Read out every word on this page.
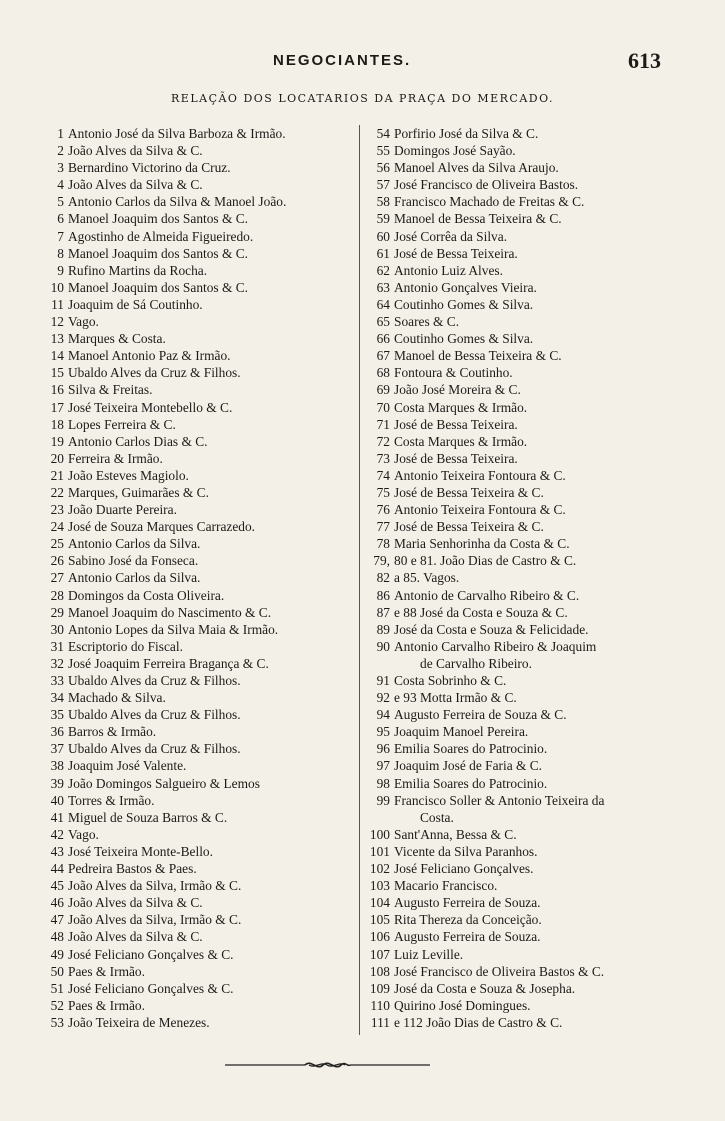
NEGOCIANTES.	613
RELAÇÃO DOS LOCATARIOS DA PRAÇA DO MERCADO.
1 Antonio José da Silva Barboza & Irmão.
2 João Alves da Silva & C.
3 Bernardino Victorino da Cruz.
4 João Alves da Silva & C.
5 Antonio Carlos da Silva & Manoel João.
6 Manoel Joaquim dos Santos & C.
7 Agostinho de Almeida Figueiredo.
8 Manoel Joaquim dos Santos & C.
9 Rufino Martins da Rocha.
10 Manoel Joaquim dos Santos & C.
11 Joaquim de Sá Coutinho.
12 Vago.
13 Marques & Costa.
14 Manoel Antonio Paz & Irmão.
15 Ubaldo Alves da Cruz & Filhos.
16 Silva & Freitas.
17 José Teixeira Montebello & C.
18 Lopes Ferreira & C.
19 Antonio Carlos Dias & C.
20 Ferreira & Irmão.
21 João Esteves Magiolo.
22 Marques, Guimarães & C.
23 João Duarte Pereira.
24 José de Souza Marques Carrazedo.
25 Antonio Carlos da Silva.
26 Sabino José da Fonseca.
27 Antonio Carlos da Silva.
28 Domingos da Costa Oliveira.
29 Manoel Joaquim do Nascimento & C.
30 Antonio Lopes da Silva Maia & Irmão.
31 Escriptorio do Fiscal.
32 José Joaquim Ferreira Bragança & C.
33 Ubaldo Alves da Cruz & Filhos.
34 Machado & Silva.
35 Ubaldo Alves da Cruz & Filhos.
36 Barros & Irmão.
37 Ubaldo Alves da Cruz & Filhos.
38 Joaquim José Valente.
39 João Domingos Salgueiro & Lemos
40 Torres & Irmão.
41 Miguel de Souza Barros & C.
42 Vago.
43 José Teixeira Monte-Bello.
44 Pedreira Bastos & Paes.
45 João Alves da Silva, Irmão & C.
46 João Alves da Silva & C.
47 João Alves da Silva, Irmão & C.
48 João Alves da Silva & C.
49 José Feliciano Gonçalves & C.
50 Paes & Irmão.
51 José Feliciano Gonçalves & C.
52 Paes & Irmão.
53 João Teixeira de Menezes.
54 Porfirio José da Silva & C.
55 Domingos José Sayão.
56 Manoel Alves da Silva Araujo.
57 José Francisco de Oliveira Bastos.
58 Francisco Machado de Freitas & C.
59 Manoel de Bessa Teixeira & C.
60 José Corrêa da Silva.
61 José de Bessa Teixeira.
62 Antonio Luiz Alves.
63 Antonio Gonçalves Vieira.
64 Coutinho Gomes & Silva.
65 Soares & C.
66 Coutinho Gomes & Silva.
67 Manoel de Bessa Teixeira & C.
68 Fontoura & Coutinho.
69 João José Moreira & C.
70 Costa Marques & Irmão.
71 José de Bessa Teixeira.
72 Costa Marques & Irmão.
73 José de Bessa Teixeira.
74 Antonio Teixeira Fontoura & C.
75 José de Bessa Teixeira & C.
76 Antonio Teixeira Fontoura & C.
77 José de Bessa Teixeira & C.
78 Maria Senhorinha da Costa & C.
79, 80 e 81. João Dias de Castro & C.
82 a 85. Vagos.
86 Antonio de Carvalho Ribeiro & C.
87 e 88 José da Costa e Souza & C.
89 José da Costa e Souza & Felicidade.
90 Antonio Carvalho Ribeiro & Joaquim
de Carvalho Ribeiro.
91 Costa Sobrinho & C.
92 e 93 Motta Irmão & C.
94 Augusto Ferreira de Souza & C.
95 Joaquim Manoel Pereira.
96 Emilia Soares do Patrocinio.
97 Joaquim José de Faria & C.
98 Emilia Soares do Patrocinio.
99 Francisco Soller & Antonio Teixeira da
Costa.
100 Sant'Anna, Bessa & C.
101 Vicente da Silva Paranhos.
102 José Feliciano Gonçalves.
103 Macario Francisco.
104 Augusto Ferreira de Souza.
105 Rita Thereza da Conceição.
106 Augusto Ferreira de Souza.
107 Luiz Leville.
108 José Francisco de Oliveira Bastos & C.
109 José da Costa e Souza & Josepha.
110 Quirino José Domingues.
111 e 112 João Dias de Castro & C.
